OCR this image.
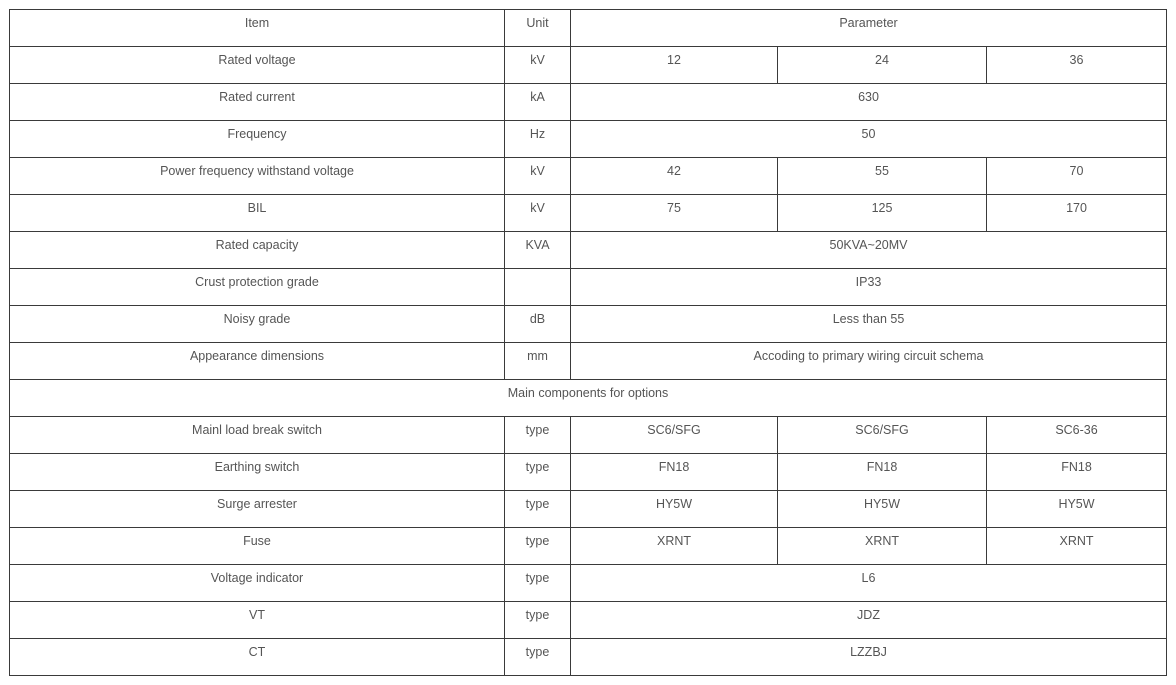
Item	Unit	Parameter		
Rated voltage	kV	12	24	36
Rated current	kA	630		
Frequency	Hz	50		
Power frequency withstand voltage	kV	42	55	70
BIL	kV	75	125	170
Rated capacity	KVA	50KVA~20MV		
Crust protection grade		IP33		
Noisy grade	dB	Less than 55		
Appearance dimensions	mm	Accoding to primary wiring circuit schema		
Main components for options				
Mainl load break switch	type	SC6/SFG	SC6/SFG	SC6-36
Earthing switch	type	FN18	FN18	FN18
Surge arrester	type	HY5W	HY5W	HY5W
Fuse	type	XRNT	XRNT	XRNT
Voltage indicator	type	L6		
VT	type	JDZ		
CT	type	LZZBJ		
